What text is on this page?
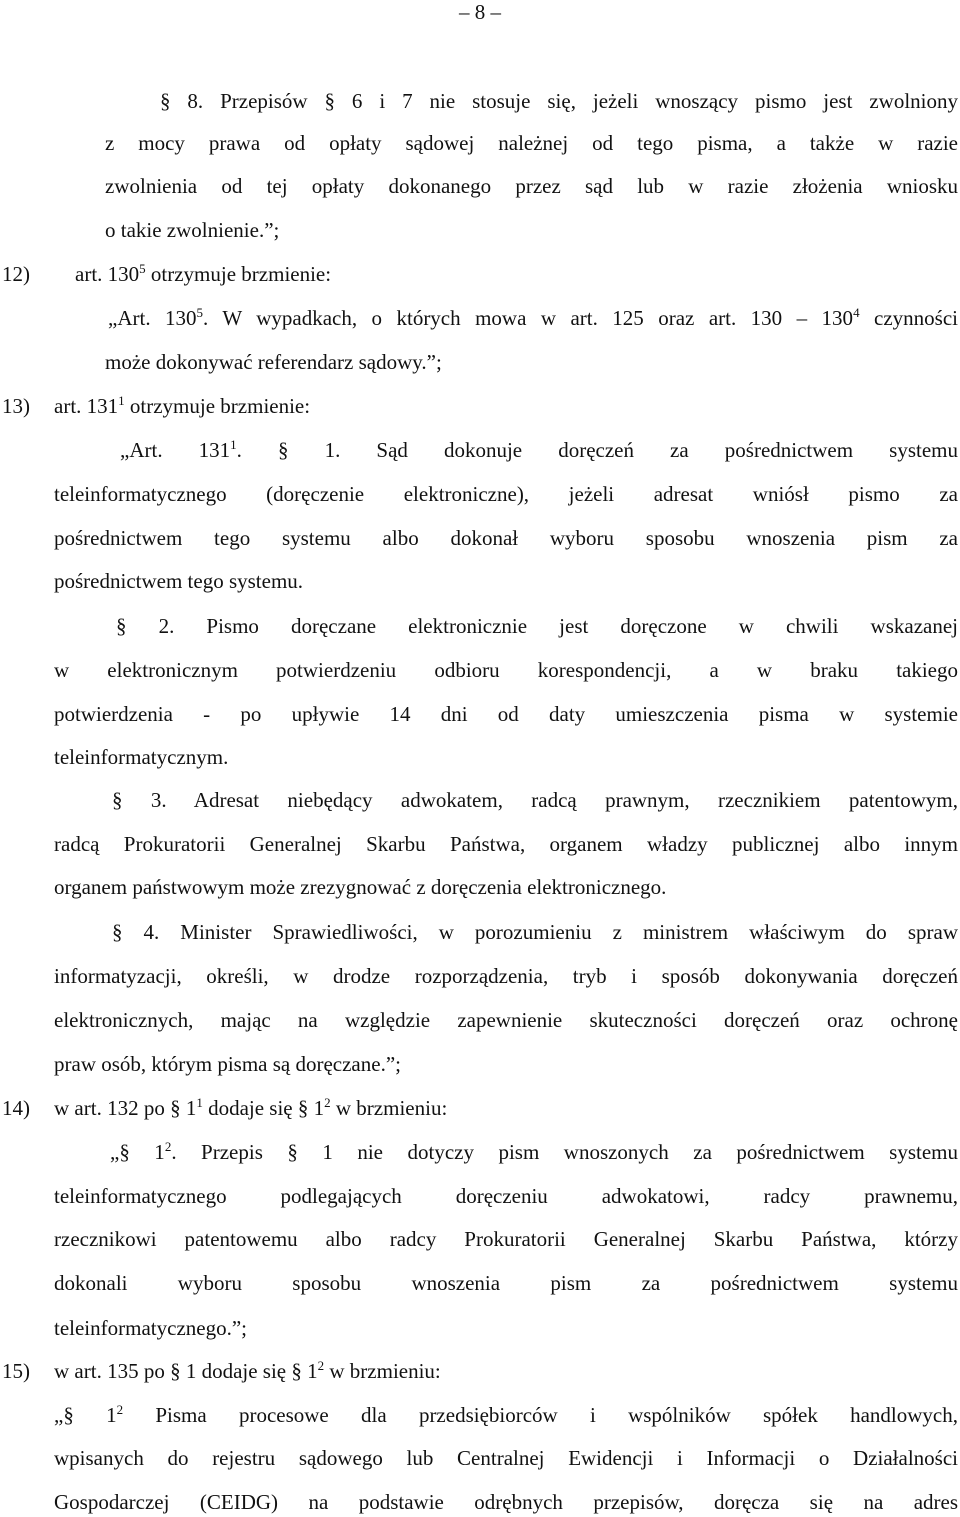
– 8 –
§ 8. Przepisów § 6 i 7 nie stosuje się, jeżeli wnoszący pismo jest zwolniony
z mocy prawa od opłaty sądowej należnej od tego pisma, a także w razie
zwolnienia od tej opłaty dokonanego przez sąd lub w razie złożenia wniosku
o takie zwolnienie.”;
12) art. $130^5$ otrzymuje brzmienie:
„Art. $130^5$. W wypadkach, o których mowa w art. 125 oraz art. $130 - 130^4$ czynności
może dokonywać referendarz sądowy.”;
13) art. $131^1$ otrzymuje brzmienie:
„Art. $131^1$. § 1. Sąd dokonuje doręczeń za pośrednictwem systemu
teleinformatycznego (doręczenie elektroniczne), jeżeli adresat wniósł pismo za
pośrednictwem tego systemu albo dokonał wyboru sposobu wnoszenia pism za
pośrednictwem tego systemu.
§ 2. Pismo doręczane elektronicznie jest doręczone w chwili wskazanej
w elektronicznym potwierdzeniu odbioru korespondencji, a w braku takiego
potwierdzenia - po upływie 14 dni od daty umieszczenia pisma w systemie
teleinformatycznym.
§ 3. Adresat niebędący adwokatem, radcą prawnym, rzecznikiem patentowym,
radcą Prokuratorii Generalnej Skarbu Państwa, organem władzy publicznej albo innym
organem państwowym może zrezygnować z doręczenia elektronicznego.
§ 4. Minister Sprawiedliwości, w porozumieniu z ministrem właściwym do spraw
informatyzacji, określi, w drodze rozporządzenia, tryb i sposób dokonywania doręczeń
elektronicznych, mając na względzie zapewnienie skuteczności doręczeń oraz ochronę
praw osób, którym pisma są doręczane.”;
14) w art. 132 po § $1^1$ dodaje się § $1^2$ w brzmieniu:
„§ $1^2$. Przepis § 1 nie dotyczy pism wnoszonych za pośrednictwem systemu
teleinformatycznego podlegających doręczeniu adwokatowi, radcy prawnemu,
rzecznikowi patentowemu albo radcy Prokuratorii Generalnej Skarbu Państwa, którzy
dokonali wyboru sposobu wnoszenia pism za pośrednictwem systemu
teleinformatycznego.”;
15) w art. 135 po § 1 dodaje się § $1^2$ w brzmieniu:
„§ $1^2$ Pisma procesowe dla przedsiębiorców i wspólników spółek handlowych,
wpisanych do rejestru sądowego lub Centralnej Ewidencji i Informacji o Działalności
Gospodarczej (CEIDG) na podstawie odrębnych przepisów, doręcza się na adres
